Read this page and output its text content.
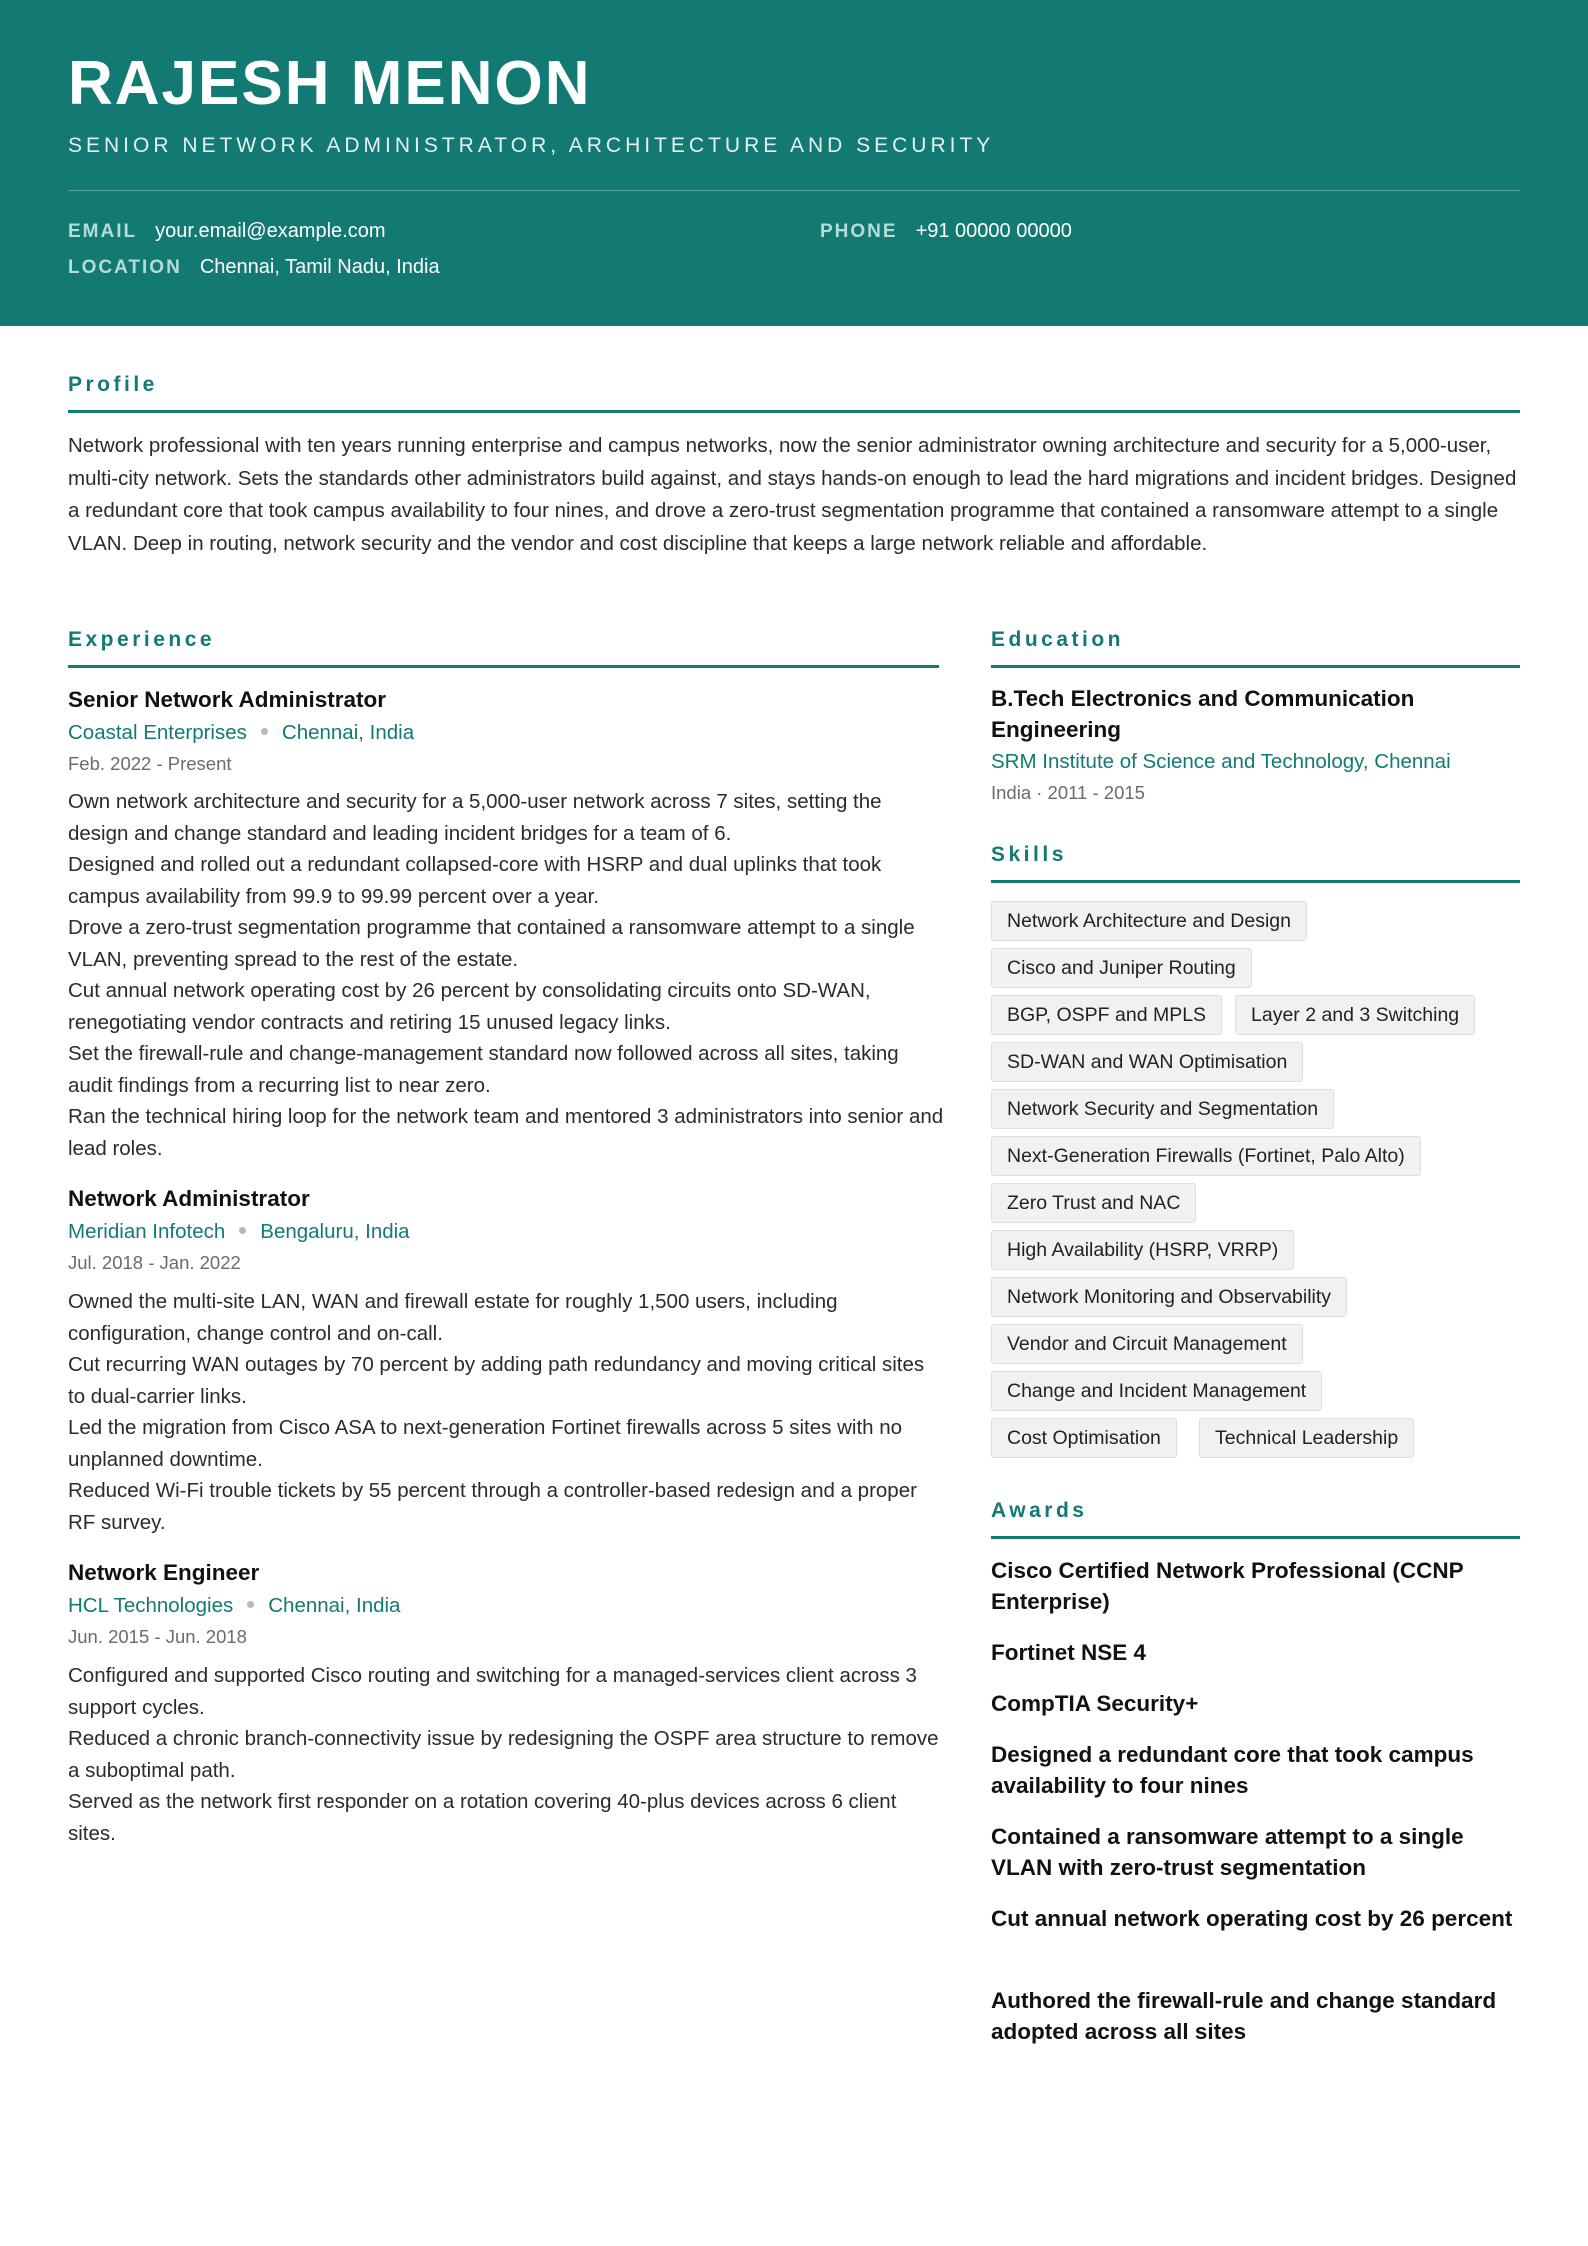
RAJESH MENON
SENIOR NETWORK ADMINISTRATOR, ARCHITECTURE AND SECURITY
EMAIL your.email@example.com	PHONE +91 00000 00000
LOCATION Chennai, Tamil Nadu, India
Profile
Network professional with ten years running enterprise and campus networks, now the senior administrator owning architecture and security for a 5,000-user, multi-city network. Sets the standards other administrators build against, and stays hands-on enough to lead the hard migrations and incident bridges. Designed a redundant core that took campus availability to four nines, and drove a zero-trust segmentation programme that contained a ransomware attempt to a single VLAN. Deep in routing, network security and the vendor and cost discipline that keeps a large network reliable and affordable.
Experience
Senior Network Administrator
Coastal Enterprises Chennai, India
Feb. 2022 - Present

Own network architecture and security for a 5,000-user network across 7 sites, setting the design and change standard and leading incident bridges for a team of 6.

Designed and rolled out a redundant collapsed-core with HSRP and dual uplinks that took campus availability from 99.9 to 99.99 percent over a year.

Drove a zero-trust segmentation programme that contained a ransomware attempt to a single VLAN, preventing spread to the rest of the estate.

Cut annual network operating cost by 26 percent by consolidating circuits onto SD-WAN, renegotiating vendor contracts and retiring 15 unused legacy links.

Set the firewall-rule and change-management standard now followed across all sites, taking audit findings from a recurring list to near zero.

Ran the technical hiring loop for the network team and mentored 3 administrators into senior and lead roles.

Network Administrator
Meridian Infotech Bengaluru, India
Jul. 2018 - Jan. 2022

Owned the multi-site LAN, WAN and firewall estate for roughly 1,500 users, including configuration, change control and on-call.

Cut recurring WAN outages by 70 percent by adding path redundancy and moving critical sites to dual-carrier links.

Led the migration from Cisco ASA to next-generation Fortinet firewalls across 5 sites with no unplanned downtime.

Reduced Wi-Fi trouble tickets by 55 percent through a controller-based redesign and a proper RF survey.

Network Engineer
HCL Technologies Chennai, India
Jun. 2015 - Jun. 2018

Configured and supported Cisco routing and switching for a managed-services client across 3 support cycles.

Reduced a chronic branch-connectivity issue by redesigning the OSPF area structure to remove a suboptimal path.

Served as the network first responder on a rotation covering 40-plus devices across 6 client sites.

Education
B.Tech Electronics and Communication Engineering
SRM Institute of Science and Technology, Chennai
India · 2011 - 2015
Skills
Network Architecture and Design
Cisco and Juniper Routing
BGP, OSPF and MPLS	Layer 2 and 3 Switching
SD-WAN and WAN Optimisation
Network Security and Segmentation
Next-Generation Firewalls (Fortinet, Palo Alto)
Zero Trust and NAC
High Availability (HSRP, VRRP)
Network Monitoring and Observability
Vendor and Circuit Management
Change and Incident Management
Cost Optimisation	Technical Leadership
Awards
Cisco Certified Network Professional (CCNP Enterprise)
Fortinet NSE 4
CompTIA Security+
Designed a redundant core that took campus availability to four nines
Contained a ransomware attempt to a single VLAN with zero-trust segmentation
Cut annual network operating cost by 26 percent
Authored the firewall-rule and change standard adopted across all sites
